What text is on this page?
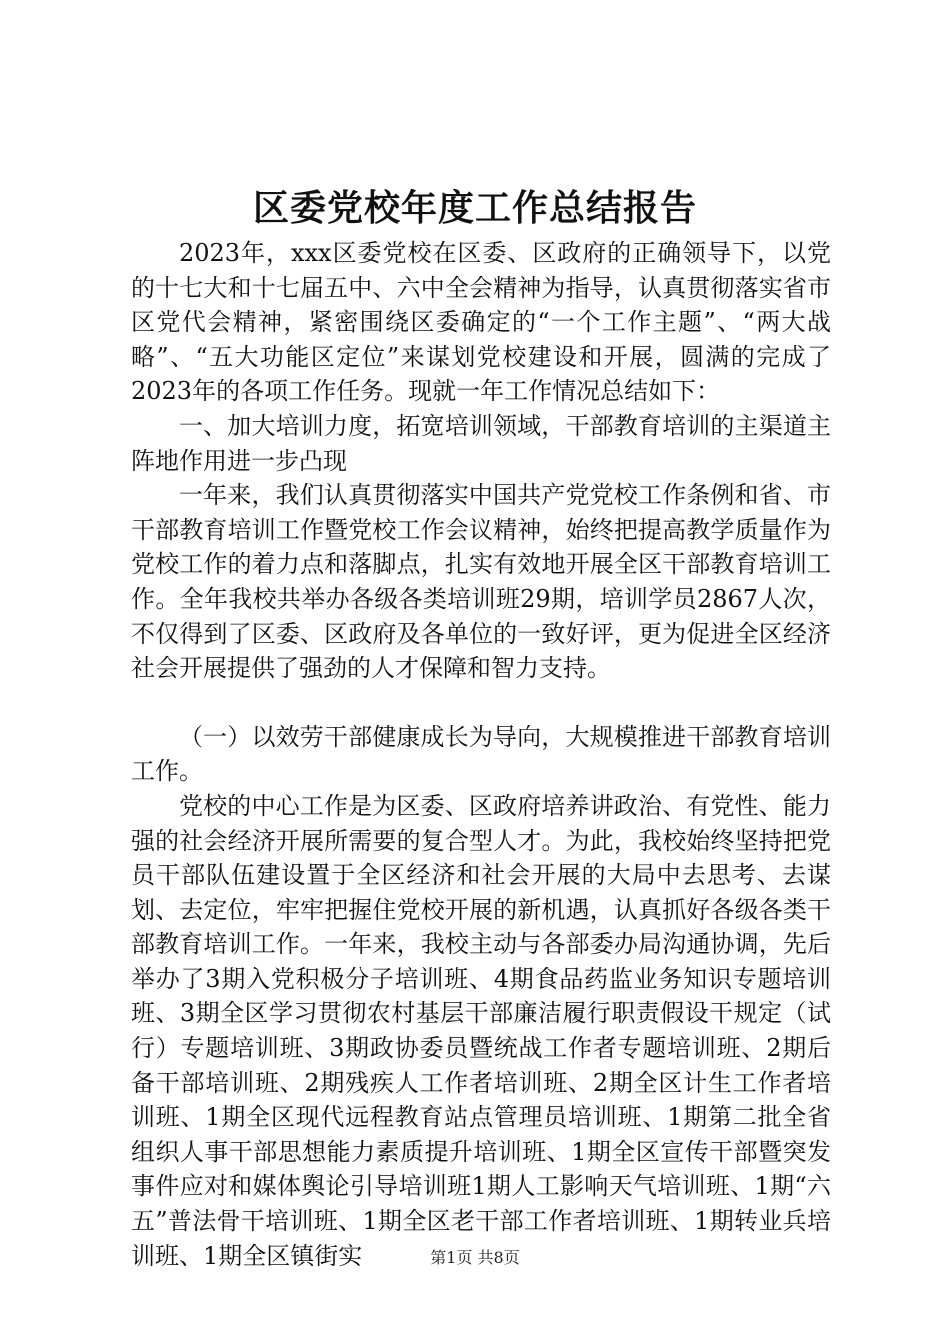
区委党校年度工作总结报告

2023年，xxx区委党校在区委、区政府的正确领导下，以党的十七大和十七届五中、六中全会精神为指导，认真贯彻落实省市区党代会精神，紧密围绕区委确定的“一个工作主题”、“两大战略”、“五大功能区定位”来谋划党校建设和开展，圆满的完成了2023年的各项工作任务。现就一年工作情况总结如下：

一、加大培训力度，拓宽培训领域，干部教育培训的主渠道主阵地作用进一步凸现

一年来，我们认真贯彻落实中国共产党党校工作条例和省、市干部教育培训工作暨党校工作会议精神，始终把提高教学质量作为党校工作的着力点和落脚点，扎实有效地开展全区干部教育培训工作。全年我校共举办各级各类培训班29期，培训学员2867人次，不仅得到了区委、区政府及各单位的一致好评，更为促进全区经济社会开展提供了强劲的人才保障和智力支持。

（一）以效劳干部健康成长为导向，大规模推进干部教育培训工作。

党校的中心工作是为区委、区政府培养讲政治、有党性、能力强的社会经济开展所需要的复合型人才。为此，我校始终坚持把党员干部队伍建设置于全区经济和社会开展的大局中去思考、去谋划、去定位，牢牢把握住党校开展的新机遇，认真抓好各级各类干部教育培训工作。一年来，我校主动与各部委办局沟通协调，先后举办了3期入党积极分子培训班、4期食品药监业务知识专题培训班、3期全区学习贯彻农村基层干部廉洁履行职责假设干规定（试行）专题培训班、3期政协委员暨统战工作者专题培训班、2期后备干部培训班、2期残疾人工作者培训班、2期全区计生工作者培训班、1期全区现代远程教育站点管理员培训班、1期第二批全省组织人事干部思想能力素质提升培训班、1期全区宣传干部暨突发事件应对和媒体舆论引导培训班1期人工影响天气培训班、1期“六五”普法骨干培训班、1期全区老干部工作者培训班、1期转业兵培训班、1期全区镇街实	第1页 共8页
